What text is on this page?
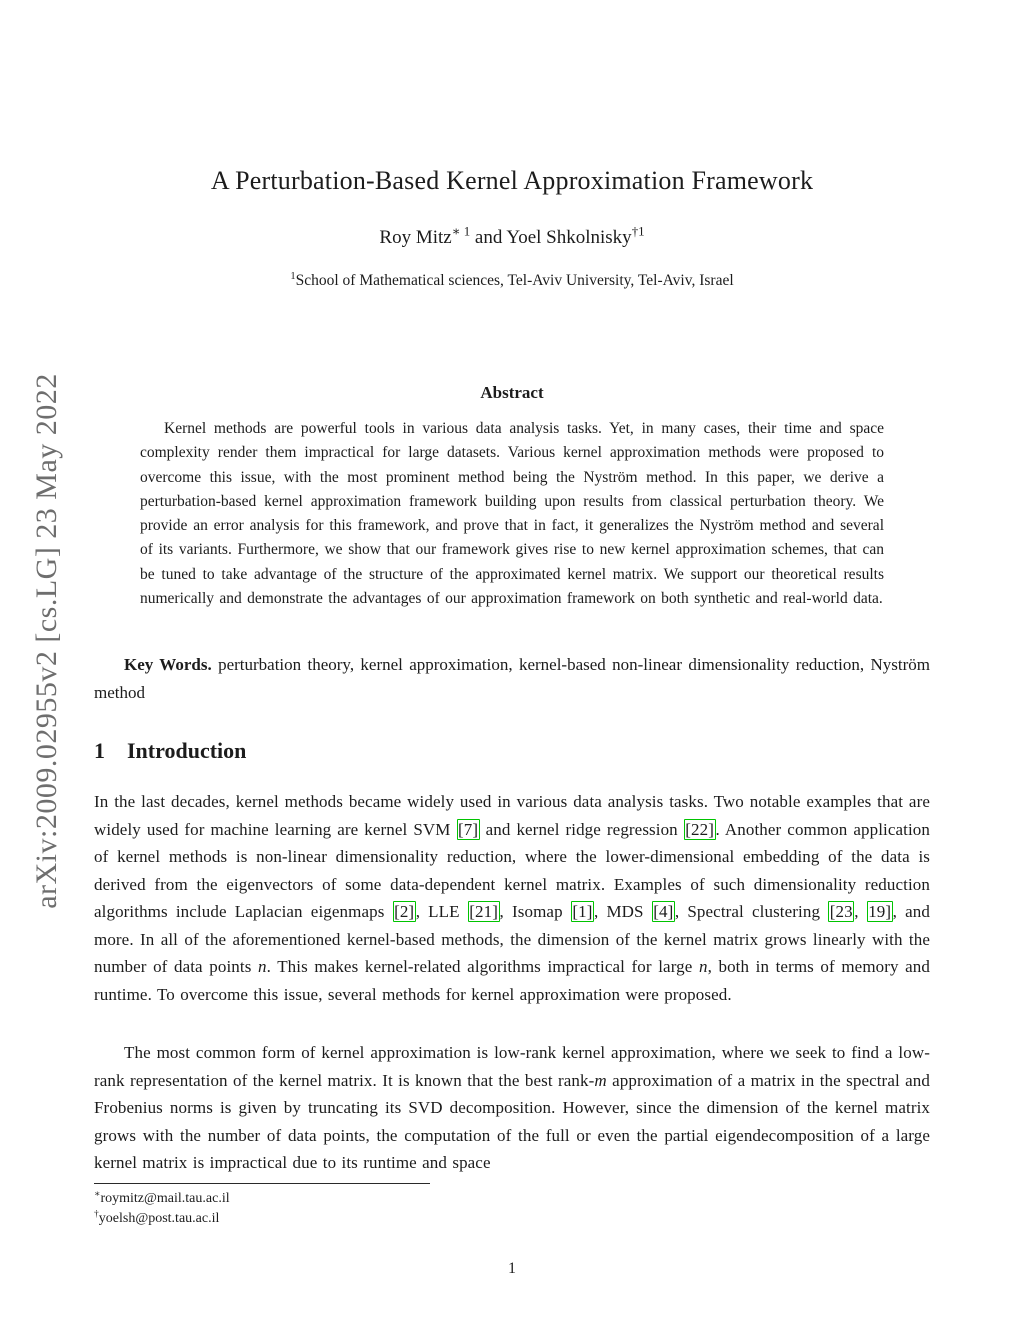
arXiv:2009.02955v2 [cs.LG] 23 May 2022
A Perturbation-Based Kernel Approximation Framework
Roy Mitz$^{∗ 1}$ and Yoel Shkolnisky$^{\dagger 1}$
$^1$School of Mathematical sciences, Tel-Aviv University, Tel-Aviv, Israel
Abstract
Kernel methods are powerful tools in various data analysis tasks. Yet, in many cases, their time and space complexity render them impractical for large datasets. Various kernel approximation methods were proposed to overcome this issue, with the most prominent method being the Nyström method. In this paper, we derive a perturbation-based kernel approximation framework building upon results from classical perturbation theory. We provide an error analysis for this framework, and prove that in fact, it generalizes the Nyström method and several of its variants. Furthermore, we show that our framework gives rise to new kernel approximation schemes, that can be tuned to take advantage of the structure of the approximated kernel matrix. We support our theoretical results numerically and demonstrate the advantages of our approximation framework on both synthetic and real-world data.
Key Words. perturbation theory, kernel approximation, kernel-based non-linear dimensionality reduction, Nyström method
1 Introduction
In the last decades, kernel methods became widely used in various data analysis tasks. Two notable examples that are widely used for machine learning are kernel SVM [7] and kernel ridge regression [22]. Another common application of kernel methods is non-linear dimensionality reduction, where the lower-dimensional embedding of the data is derived from the eigenvectors of some data-dependent kernel matrix. Examples of such dimensionality reduction algorithms include Laplacian eigenmaps [2], LLE [21], Isomap [1], MDS [4], Spectral clustering [23, 19], and more. In all of the aforementioned kernel-based methods, the dimension of the kernel matrix grows linearly with the number of data points n. This makes kernel-related algorithms impractical for large n, both in terms of memory and runtime. To overcome this issue, several methods for kernel approximation were proposed.
The most common form of kernel approximation is low-rank kernel approximation, where we seek to find a low-rank representation of the kernel matrix. It is known that the best rank-m approximation of a matrix in the spectral and Frobenius norms is given by truncating its SVD decomposition. However, since the dimension of the kernel matrix grows with the number of data points, the computation of the full or even the partial eigendecomposition of a large kernel matrix is impractical due to its runtime and space
∗roymitz@mail.tau.ac.il
†yoelsh@post.tau.ac.il
1
